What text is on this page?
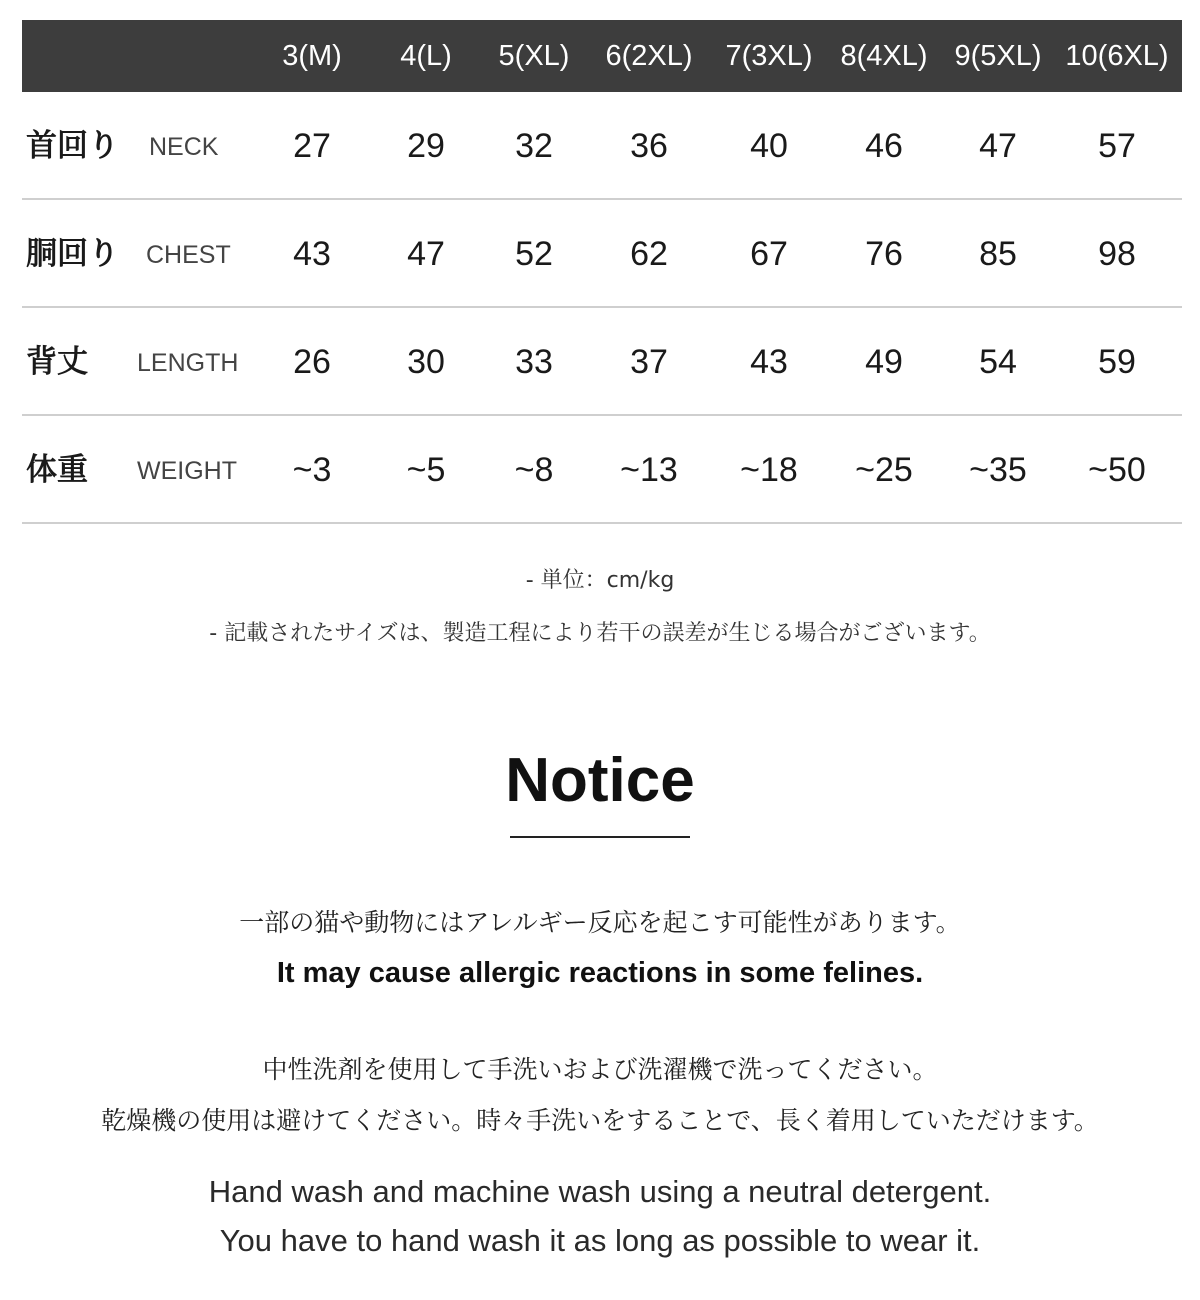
3(M) 4(L) 5(XL) 6(2XL) 7(3XL) 8(4XL) 9(5XL) 10(6XL)
首回り NECK 27 29 32 36 40 46 47 57
胴回り CHEST 43 47 52 62 67 76 85 98
背丈 LENGTH 26 30 33 37 43 49 54 59
体重 WEIGHT ~3 ~5 ~8 ~13 ~18 ~25 ~35 ~50
- 単位：cm/kg
- 記載されたサイズは、製造工程により若干の誤差が生じる場合がございます。
Notice
一部の猫や動物にはアレルギー反応を起こす可能性があります。
It may cause allergic reactions in some felines.
中性洗剤を使用して手洗いおよび洗濯機で洗ってください。
乾燥機の使用は避けてください。時々手洗いをすることで、長く着用していただけます。
Hand wash and machine wash using a neutral detergent.
You have to hand wash it as long as possible to wear it.
